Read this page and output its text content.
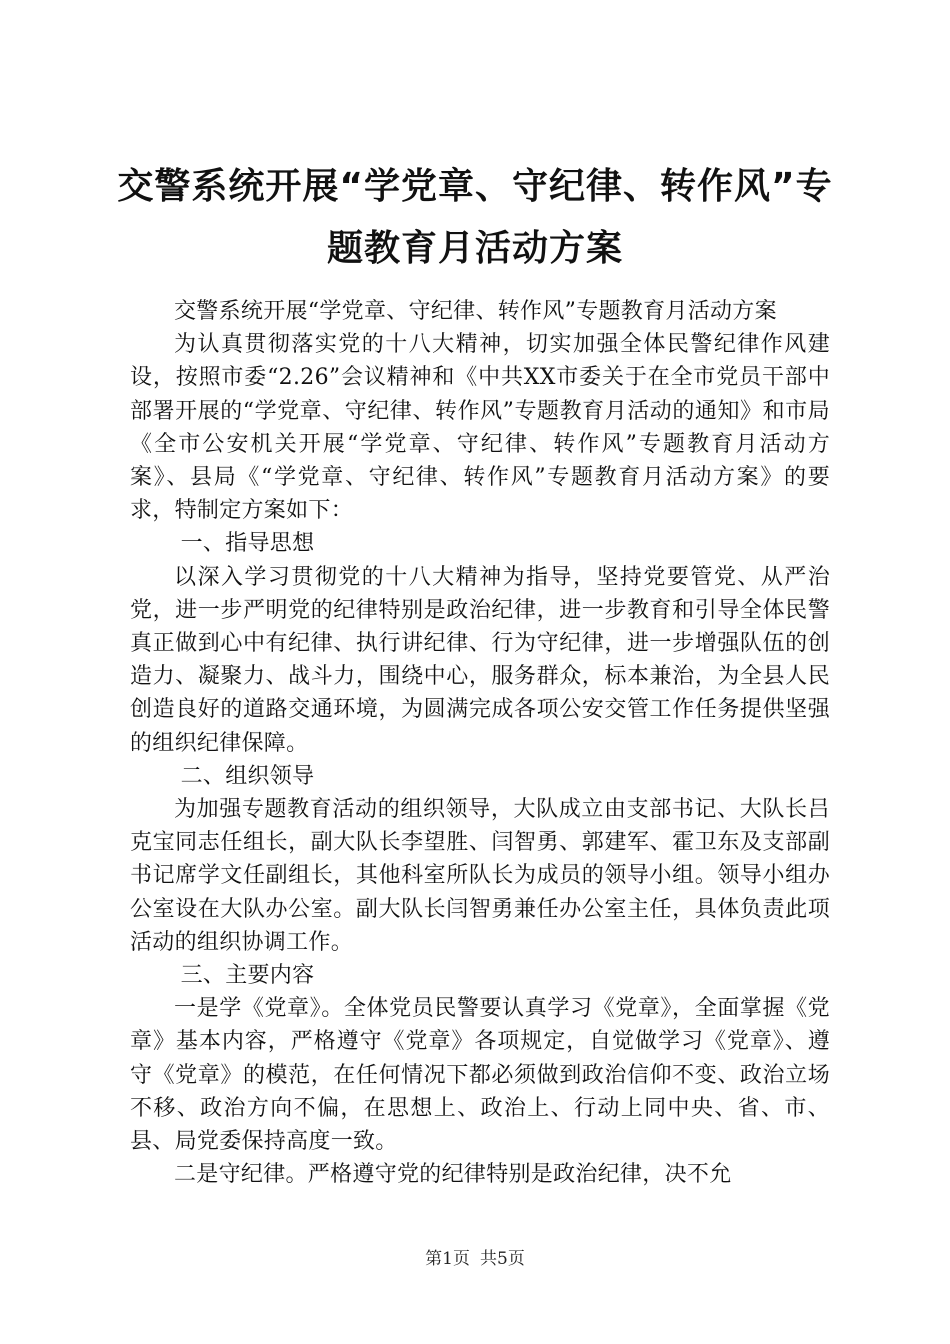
交警系统开展“学党章、守纪律、转作风”专
题教育月活动方案

交警系统开展“学党章、守纪律、转作风”专题教育月活动方案

为认真贯彻落实党的十八大精神，切实加强全体民警纪律作风建设，按照市委“2.26”会议精神和《中共XX市委关于在全市党员干部中部署开展的“学党章、守纪律、转作风”专题教育月活动的通知》和市局《全市公安机关开展“学党章、守纪律、转作风”专题教育月活动方案》、县局《“学党章、守纪律、转作风”专题教育月活动方案》的要求，特制定方案如下：

一、指导思想

以深入学习贯彻党的十八大精神为指导，坚持党要管党、从严治党，进一步严明党的纪律特别是政治纪律，进一步教育和引导全体民警真正做到心中有纪律、执行讲纪律、行为守纪律，进一步增强队伍的创造力、凝聚力、战斗力，围绕中心，服务群众，标本兼治，为全县人民创造良好的道路交通环境，为圆满完成各项公安交管工作任务提供坚强的组织纪律保障。

二、组织领导

为加强专题教育活动的组织领导，大队成立由支部书记、大队长吕克宝同志任组长，副大队长李望胜、闫智勇、郭建军、霍卫东及支部副书记席学文任副组长，其他科室所队长为成员的领导小组。领导小组办公室设在大队办公室。副大队长闫智勇兼任办公室主任，具体负责此项活动的组织协调工作。

三、主要内容

一是学《党章》。全体党员民警要认真学习《党章》，全面掌握《党章》基本内容，严格遵守《党章》各项规定，自觉做学习《党章》、遵守《党章》的模范，在任何情况下都必须做到政治信仰不变、政治立场不移、政治方向不偏，在思想上、政治上、行动上同中央、省、市、县、局党委保持高度一致。

二是守纪律。严格遵守党的纪律特别是政治纪律，决不允

第1页 共5页
